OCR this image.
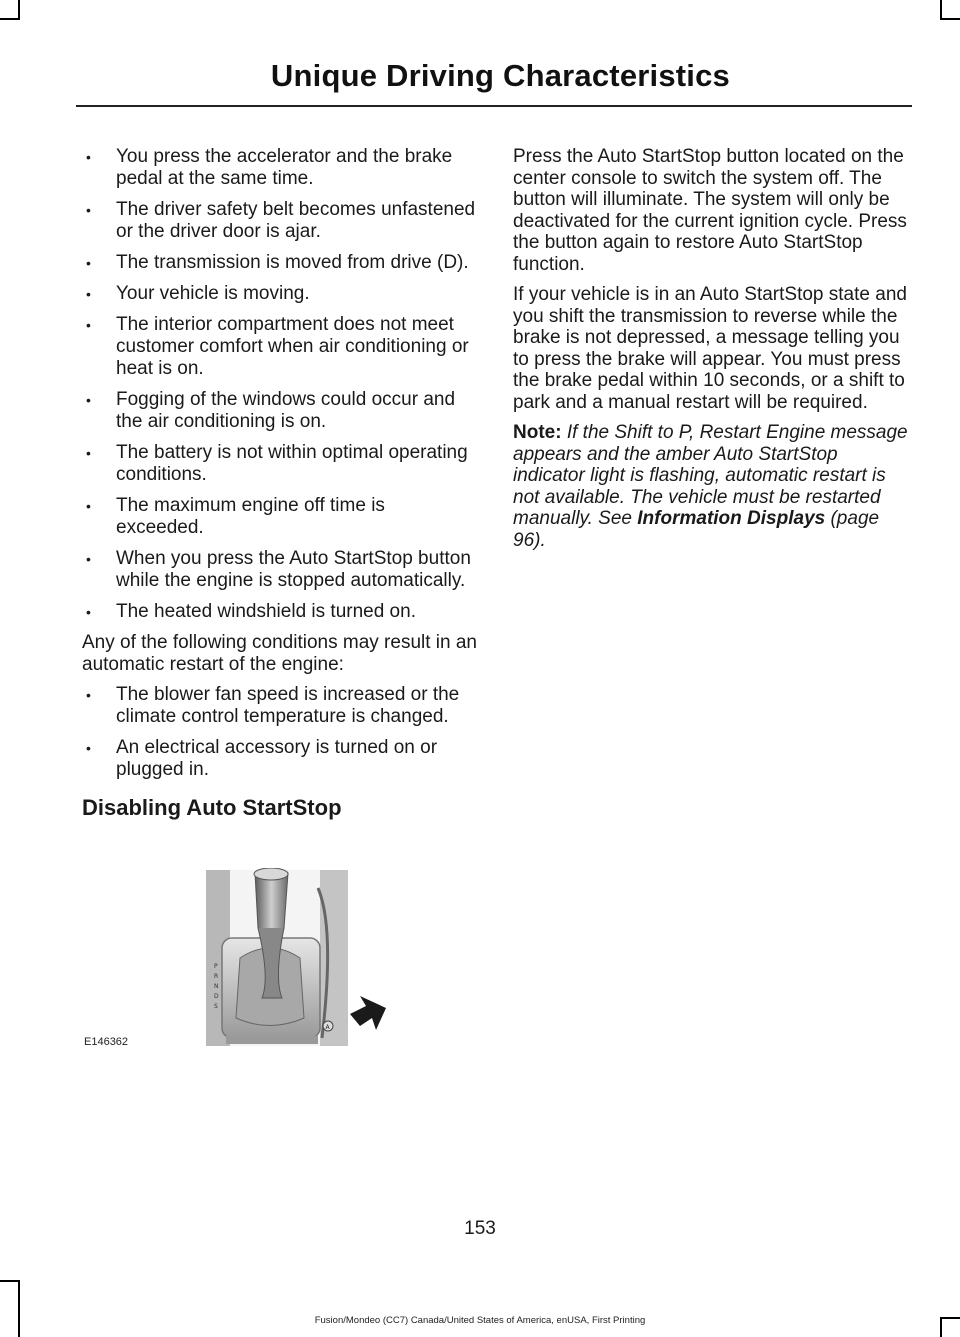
Unique Driving Characteristics
• You press the accelerator and the brake pedal at the same time.
• The driver safety belt becomes unfastened or the driver door is ajar.
• The transmission is moved from drive (D).
• Your vehicle is moving.
• The interior compartment does not meet customer comfort when air conditioning or heat is on.
• Fogging of the windows could occur and the air conditioning is on.
• The battery is not within optimal operating conditions.
• The maximum engine off time is exceeded.
• When you press the Auto StartStop button while the engine is stopped automatically.
• The heated windshield is turned on.

Any of the following conditions may result in an automatic restart of the engine:

• The blower fan speed is increased or the climate control temperature is changed.
• An electrical accessory is turned on or plugged in.
Disabling Auto StartStop
P
R
N
D
S
A
E146362

Press the Auto StartStop button located on the center console to switch the system off. The button will illuminate. The system will only be deactivated for the current ignition cycle. Press the button again to restore Auto StartStop function.

If your vehicle is in an Auto StartStop state and you shift the transmission to reverse while the brake is not depressed, a message telling you to press the brake will appear. You must press the brake pedal within 10 seconds, or a shift to park and a manual restart will be required.

Note: If the Shift to P, Restart Engine message appears and the amber Auto StartStop indicator light is flashing, automatic restart is not available. The vehicle must be restarted manually. See Information Displays (page 96).

153
Fusion/Mondeo (CC7) Canada/United States of America, enUSA, First Printing
